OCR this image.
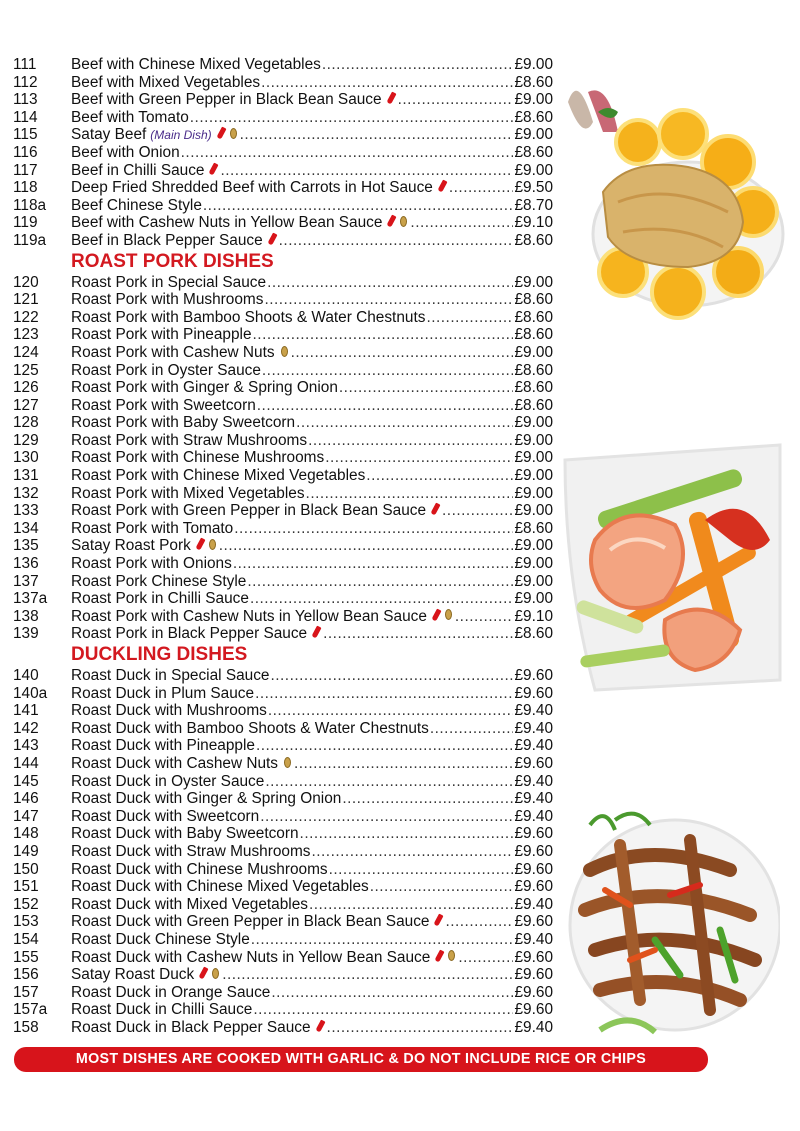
111	Beef with Chinese Mixed Vegetables .....	£9.00
112	Beef with Mixed Vegetables .....	£8.60
113	Beef with Green Pepper in Black Bean Sauce .....	£9.00
114	Beef with Tomato .....	£8.60
115	Satay Beef (Main Dish) .....	£9.00
116	Beef with Onion .....	£8.60
117	Beef in Chilli Sauce .....	£9.00
118	Deep Fried Shredded Beef with Carrots in Hot Sauce .....	£9.50
118a	Beef Chinese Style .....	£8.70
119	Beef with Cashew Nuts in Yellow Bean Sauce .....	£9.10
119a	Beef in Black Pepper Sauce .....	£8.60
ROAST PORK DISHES
120	Roast Pork in Special Sauce .....	£9.00
121	Roast Pork with Mushrooms .....	£8.60
122	Roast Pork with Bamboo Shoots & Water Chestnuts .....	£8.60
123	Roast Pork with Pineapple .....	£8.60
124	Roast Pork with Cashew Nuts .....	£9.00
125	Roast Pork in Oyster Sauce .....	£8.60
126	Roast Pork with Ginger & Spring Onion .....	£8.60
127	Roast Pork with Sweetcorn .....	£8.60
128	Roast Pork with Baby Sweetcorn .....	£9.00
129	Roast Pork with Straw Mushrooms .....	£9.00
130	Roast Pork with Chinese Mushrooms .....	£9.00
131	Roast Pork with Chinese Mixed Vegetables .....	£9.00
132	Roast Pork with Mixed Vegetables .....	£9.00
133	Roast Pork with Green Pepper in Black Bean Sauce .....	£9.00
134	Roast Pork with Tomato .....	£8.60
135	Satay Roast Pork .....	£9.00
136	Roast Pork with Onions .....	£9.00
137	Roast Pork Chinese Style .....	£9.00
137a	Roast Pork in Chilli Sauce .....	£9.00
138	Roast Pork with Cashew Nuts in Yellow Bean Sauce .....	£9.10
139	Roast Pork in Black Pepper Sauce .....	£8.60
DUCKLING DISHES
140	Roast Duck in Special Sauce .....	£9.60
140a	Roast Duck in Plum Sauce .....	£9.60
141	Roast Duck with Mushrooms .....	£9.40
142	Roast Duck with Bamboo Shoots & Water Chestnuts .....	£9.40
143	Roast Duck with Pineapple .....	£9.40
144	Roast Duck with Cashew Nuts .....	£9.60
145	Roast Duck in Oyster Sauce .....	£9.40
146	Roast Duck with Ginger & Spring Onion .....	£9.40
147	Roast Duck with Sweetcorn .....	£9.40
148	Roast Duck with Baby Sweetcorn .....	£9.60
149	Roast Duck with Straw Mushrooms .....	£9.60
150	Roast Duck with Chinese Mushrooms .....	£9.60
151	Roast Duck with Chinese Mixed Vegetables .....	£9.60
152	Roast Duck with Mixed Vegetables .....	£9.40
153	Roast Duck with Green Pepper in Black Bean Sauce .....	£9.60
154	Roast Duck Chinese Style .....	£9.40
155	Roast Duck with Cashew Nuts in Yellow Bean Sauce .....	£9.60
156	Satay Roast Duck .....	£9.60
157	Roast Duck in Orange Sauce .....	£9.60
157a	Roast Duck in Chilli Sauce .....	£9.60
158	Roast Duck in Black Pepper Sauce .....	£9.40
MOST DISHES ARE COOKED WITH GARLIC & DO NOT INCLUDE RICE OR CHIPS
